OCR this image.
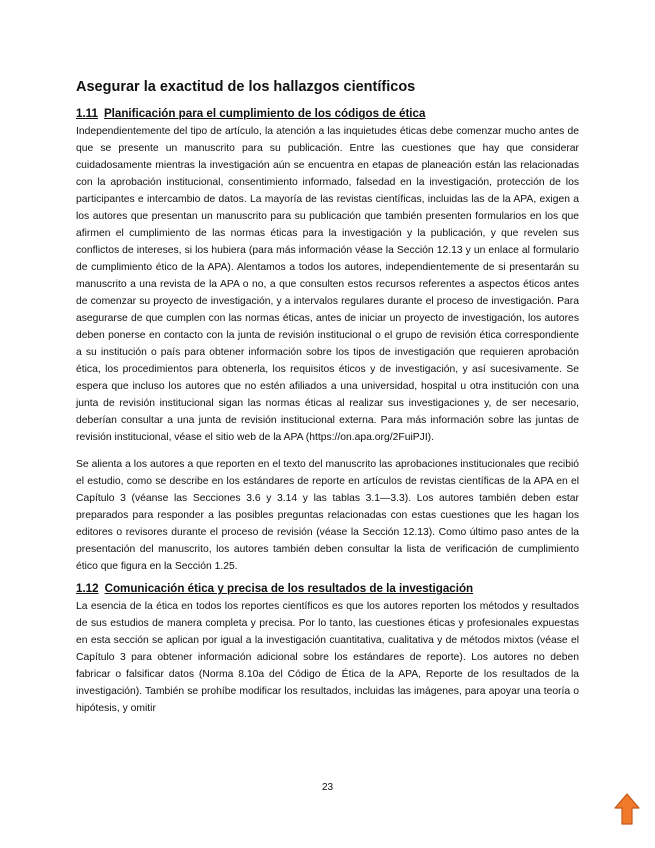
Asegurar la exactitud de los hallazgos científicos
1.11 Planificación para el cumplimiento de los códigos de ética

Independientemente del tipo de artículo, la atención a las inquietudes éticas debe comenzar mucho antes de que se presente un manuscrito para su publicación. Entre las cuestiones que hay que considerar cuidadosamente mientras la investigación aún se encuentra en etapas de planeación están las relacionadas con la aprobación institucional, consentimiento informado, falsedad en la investigación, protección de los participantes e intercambio de datos. La mayoría de las revistas científicas, incluidas las de la APA, exigen a los autores que presentan un manuscrito para su publicación que también presenten formularios en los que afirmen el cumplimiento de las normas éticas para la investigación y la publicación, y que revelen sus conflictos de intereses, si los hubiera (para más información véase la Sección 12.13 y un enlace al formulario de cumplimiento ético de la APA). Alentamos a todos los autores, independientemente de si presentarán su manuscrito a una revista de la APA o no, a que consulten estos recursos referentes a aspectos éticos antes de comenzar su proyecto de investigación, y a intervalos regulares durante el proceso de investigación. Para asegurarse de que cumplen con las normas éticas, antes de iniciar un proyecto de investigación, los autores deben ponerse en contacto con la junta de revisión institucional o el grupo de revisión ética correspondiente a su institución o país para obtener información sobre los tipos de investigación que requieren aprobación ética, los procedimientos para obtenerla, los requisitos éticos y de investigación, y así sucesivamente. Se espera que incluso los autores que no estén afiliados a una universidad, hospital u otra institución con una junta de revisión institucional sigan las normas éticas al realizar sus investigaciones y, de ser necesario, deberían consultar a una junta de revisión institucional externa. Para más información sobre las juntas de revisión institucional, véase el sitio web de la APA (https://on.apa.org/2FuiPJI).

Se alienta a los autores a que reporten en el texto del manuscrito las aprobaciones institucionales que recibió el estudio, como se describe en los estándares de reporte en artículos de revistas científicas de la APA en el Capítulo 3 (véanse las Secciones 3.6 y 3.14 y las tablas 3.1—3.3). Los autores también deben estar preparados para responder a las posibles preguntas relacionadas con estas cuestiones que les hagan los editores o revisores durante el proceso de revisión (véase la Sección 12.13). Como último paso antes de la presentación del manuscrito, los autores también deben consultar la lista de verificación de cumplimiento ético que figura en la Sección 1.25.

1.12 Comunicación ética y precisa de los resultados de la investigación

La esencia de la ética en todos los reportes científicos es que los autores reporten los métodos y resultados de sus estudios de manera completa y precisa. Por lo tanto, las cuestiones éticas y profesionales expuestas en esta sección se aplican por igual a la investigación cuantitativa, cualitativa y de métodos mixtos (véase el Capítulo 3 para obtener información adicional sobre los estándares de reporte). Los autores no deben fabricar o falsificar datos (Norma 8.10a del Código de Ética de la APA, Reporte de los resultados de la investigación). También se prohíbe modificar los resultados, incluidas las imágenes, para apoyar una teoría o hipótesis, y omitir

23
